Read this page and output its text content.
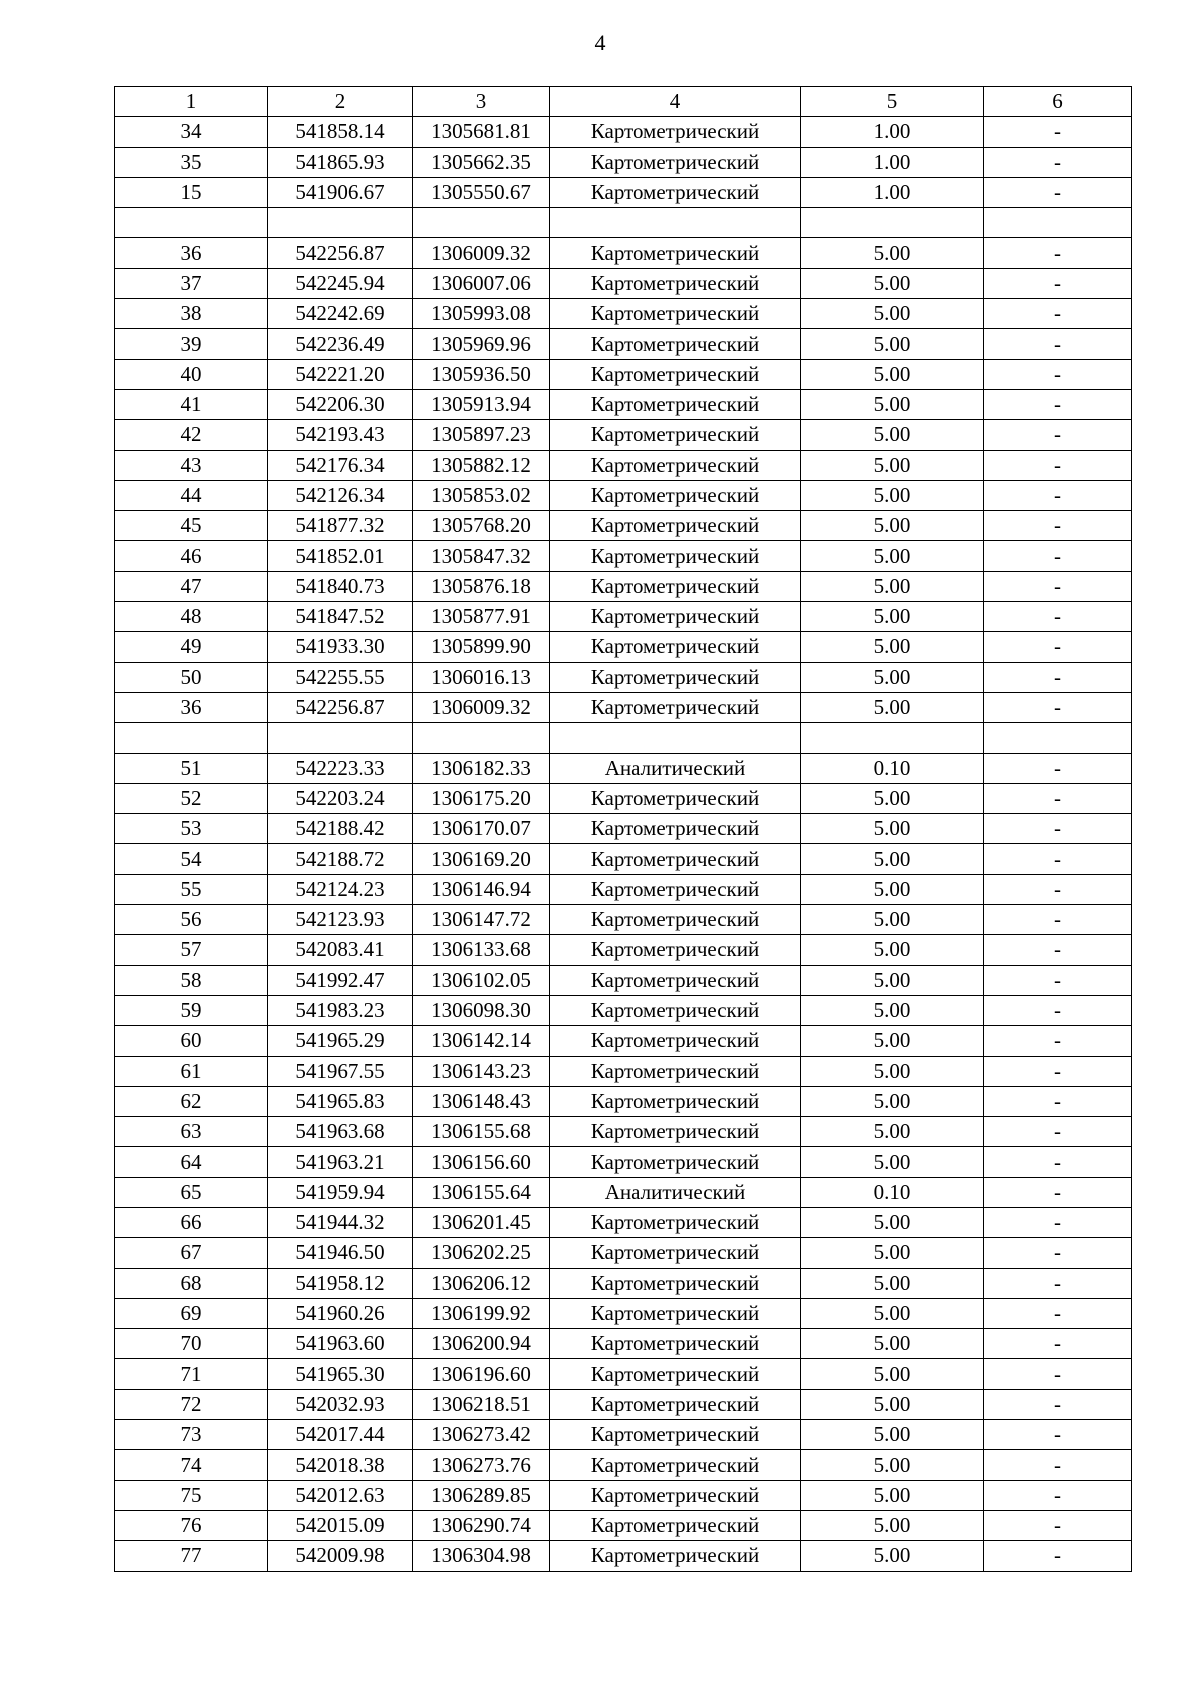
4
1	2	3	4	5	6
34	541858.14	1305681.81	Картометрический	1.00	-
35	541865.93	1305662.35	Картометрический	1.00	-
15	541906.67	1305550.67	Картометрический	1.00	-

36	542256.87	1306009.32	Картометрический	5.00	-
37	542245.94	1306007.06	Картометрический	5.00	-
38	542242.69	1305993.08	Картометрический	5.00	-
39	542236.49	1305969.96	Картометрический	5.00	-
40	542221.20	1305936.50	Картометрический	5.00	-
41	542206.30	1305913.94	Картометрический	5.00	-
42	542193.43	1305897.23	Картометрический	5.00	-
43	542176.34	1305882.12	Картометрический	5.00	-
44	542126.34	1305853.02	Картометрический	5.00	-
45	541877.32	1305768.20	Картометрический	5.00	-
46	541852.01	1305847.32	Картометрический	5.00	-
47	541840.73	1305876.18	Картометрический	5.00	-
48	541847.52	1305877.91	Картометрический	5.00	-
49	541933.30	1305899.90	Картометрический	5.00	-
50	542255.55	1306016.13	Картометрический	5.00	-
36	542256.87	1306009.32	Картометрический	5.00	-

51	542223.33	1306182.33	Аналитический	0.10	-
52	542203.24	1306175.20	Картометрический	5.00	-
53	542188.42	1306170.07	Картометрический	5.00	-
54	542188.72	1306169.20	Картометрический	5.00	-
55	542124.23	1306146.94	Картометрический	5.00	-
56	542123.93	1306147.72	Картометрический	5.00	-
57	542083.41	1306133.68	Картометрический	5.00	-
58	541992.47	1306102.05	Картометрический	5.00	-
59	541983.23	1306098.30	Картометрический	5.00	-
60	541965.29	1306142.14	Картометрический	5.00	-
61	541967.55	1306143.23	Картометрический	5.00	-
62	541965.83	1306148.43	Картометрический	5.00	-
63	541963.68	1306155.68	Картометрический	5.00	-
64	541963.21	1306156.60	Картометрический	5.00	-
65	541959.94	1306155.64	Аналитический	0.10	-
66	541944.32	1306201.45	Картометрический	5.00	-
67	541946.50	1306202.25	Картометрический	5.00	-
68	541958.12	1306206.12	Картометрический	5.00	-
69	541960.26	1306199.92	Картометрический	5.00	-
70	541963.60	1306200.94	Картометрический	5.00	-
71	541965.30	1306196.60	Картометрический	5.00	-
72	542032.93	1306218.51	Картометрический	5.00	-
73	542017.44	1306273.42	Картометрический	5.00	-
74	542018.38	1306273.76	Картометрический	5.00	-
75	542012.63	1306289.85	Картометрический	5.00	-
76	542015.09	1306290.74	Картометрический	5.00	-
77	542009.98	1306304.98	Картометрический	5.00	-
